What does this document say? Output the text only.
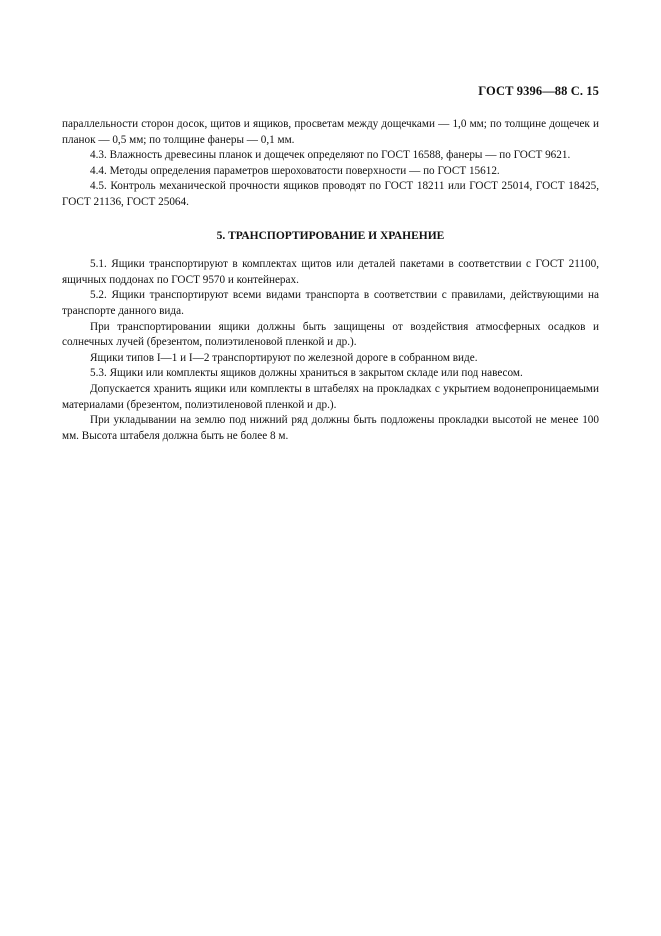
ГОСТ 9396—88 С. 15

параллельности сторон досок, щитов и ящиков, просветам между дощечками — 1,0 мм; по толщине дощечек и планок — 0,5 мм; по толщине фанеры — 0,1 мм.

4.3. Влажность древесины планок и дощечек определяют по ГОСТ 16588, фанеры — по ГОСТ 9621.

4.4. Методы определения параметров шероховатости поверхности — по ГОСТ 15612.

4.5. Контроль механической прочности ящиков проводят по ГОСТ 18211 или ГОСТ 25014, ГОСТ 18425, ГОСТ 21136, ГОСТ 25064.

5. ТРАНСПОРТИРОВАНИЕ И ХРАНЕНИЕ

5.1. Ящики транспортируют в комплектах щитов или деталей пакетами в соответствии с ГОСТ 21100, ящичных поддонах по ГОСТ 9570 и контейнерах.

5.2. Ящики транспортируют всеми видами транспорта в соответствии с правилами, действующими на транспорте данного вида.

При транспортировании ящики должны быть защищены от воздействия атмосферных осадков и солнечных лучей (брезентом, полиэтиленовой пленкой и др.).

Ящики типов I—1 и I—2 транспортируют по железной дороге в собранном виде.

5.3. Ящики или комплекты ящиков должны храниться в закрытом складе или под навесом.

Допускается хранить ящики или комплекты в штабелях на прокладках с укрытием водонепроницаемыми материалами (брезентом, полиэтиленовой пленкой и др.).

При укладывании на землю под нижний ряд должны быть подложены прокладки высотой не менее 100 мм. Высота штабеля должна быть не более 8 м.
